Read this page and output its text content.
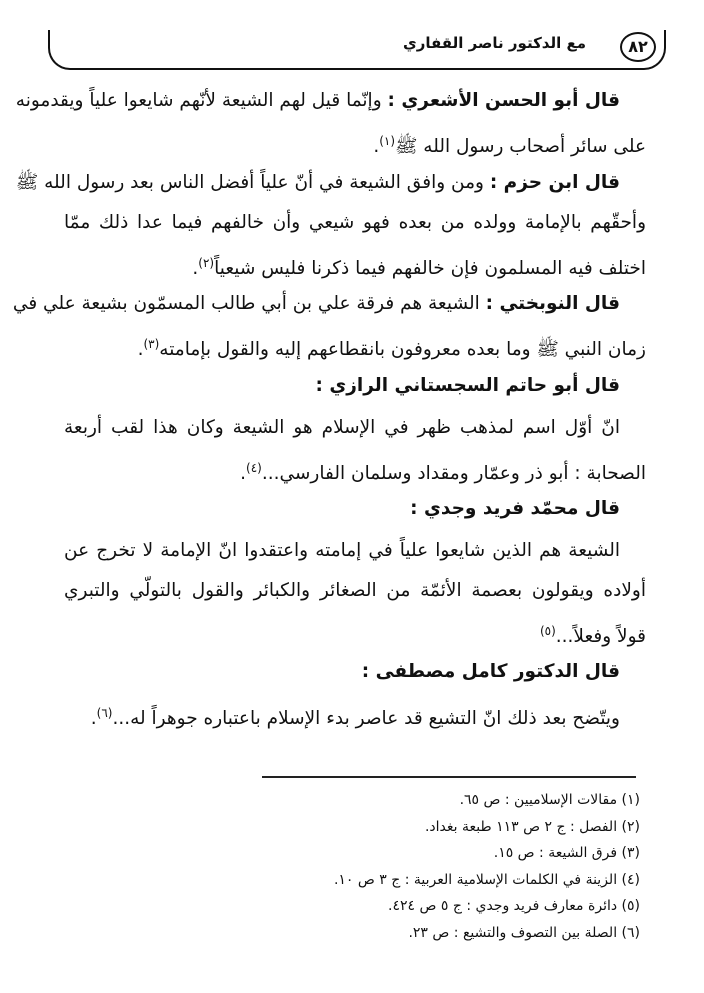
مع الدكتور ناصر القفاري	٨٢
قال أبو الحسن الأشعري : وإنّما قيل لهم الشيعة لأنّهم شايعوا علياً ويقدمونه
على سائر أصحاب رسول الله ﷺ$^{(١)}$.
قال ابن حزم : ومن وافق الشيعة في أنّ علياً أفضل الناس بعد رسول الله ﷺ
وأحقّهم بالإمامة وولده من بعده فهو شيعي وأن خالفهم فيما عدا ذلك ممّا
اختلف فيه المسلمون فإن خالفهم فيما ذكرنا فليس شيعياً$^{(٢)}$.
قال النوبختي : الشيعة هم فرقة علي بن أبي طالب المسمّون بشيعة علي في
زمان النبي ﷺ وما بعده معروفون بانقطاعهم إليه والقول بإمامته$^{(٣)}$.
قال أبو حاتم السجستاني الرازي :
انّ أوّل اسم لمذهب ظهر في الإسلام هو الشيعة وكان هذا لقب أربعة
الصحابة : أبو ذر وعمّار ومقداد وسلمان الفارسي...$^{(٤)}$.
قال محمّد فريد وجدي :
الشيعة هم الذين شايعوا علياً في إمامته واعتقدوا انّ الإمامة لا تخرج عن
أولاده ويقولون بعصمة الأئمّة من الصغائر والكبائر والقول بالتولّي والتبري
قولاً وفعلاً...$^{(٥)}$
قال الدكتور كامل مصطفى :
ويتّضح بعد ذلك انّ التشيع قد عاصر بدء الإسلام باعتباره جوهراً له...$^{(٦)}$.
(١) مقالات الإسلاميين : ص ٦٥.
(٢) الفصل : ج ٢ ص ١١٣ طبعة بغداد.
(٣) فرق الشيعة : ص ١٥.
(٤) الزينة في الكلمات الإسلامية العربية : ج ٣ ص ١٠.
(٥) دائرة معارف فريد وجدي : ج ٥ ص ٤٢٤.
(٦) الصلة بين التصوف والتشيع : ص ٢٣.
